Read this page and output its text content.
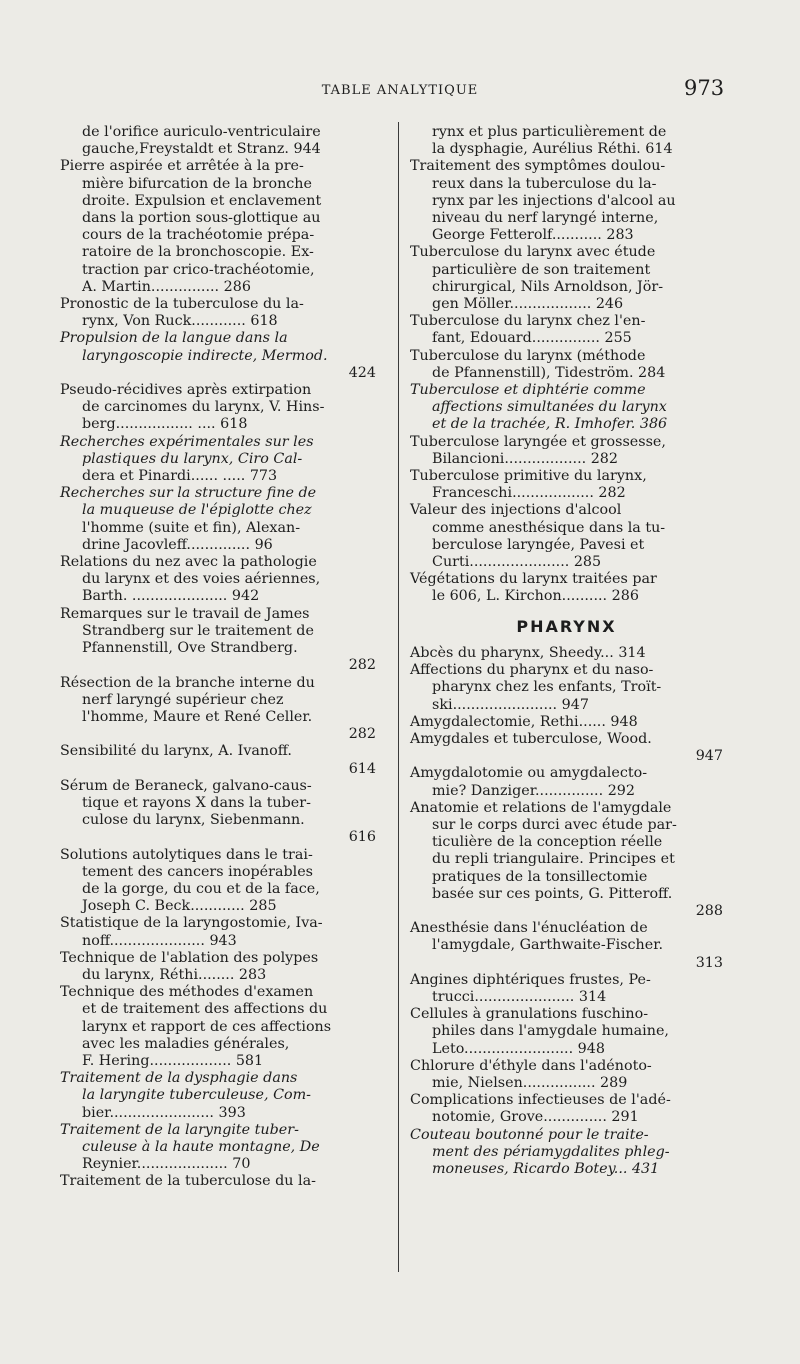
TABLE ANALYTIQUE	973
de l'orifice auriculo-ventriculaire
gauche,Freystaldt et Stranz. 944
Pierre aspirée et arrêtée à la pre-
mière bifurcation de la bronche
droite. Expulsion et enclavement
dans la portion sous-glottique au
cours de la trachéotomie prépa-
ratoire de la bronchoscopie. Ex-
traction par crico-trachéotomie,
A. Martin............... 286
Pronostic de la tuberculose du la-
rynx, Von Ruck............ 618
Propulsion de la langue dans la
laryngoscopie indirecte, Mermod.
424
Pseudo-récidives après extirpation
de carcinomes du larynx, V. Hins-
berg................. .... 618
Recherches expérimentales sur les
plastiques du larynx, Ciro Cal-
dera et Pinardi...... ..... 773
Recherches sur la structure fine de
la muqueuse de l'épiglotte chez
l'homme (suite et fin), Alexan-
drine Jacovleff.............. 96
Relations du nez avec la pathologie
du larynx et des voies aériennes,
Barth. ..................... 942
Remarques sur le travail de James
Strandberg sur le traitement de
Pfannenstill, Ove Strandberg.
282
Résection de la branche interne du
nerf laryngé supérieur chez
l'homme, Maure et René Celler.
282
Sensibilité du larynx, A. Ivanoff.
614
Sérum de Beraneck, galvano-caus-
tique et rayons X dans la tuber-
culose du larynx, Siebenmann.
616
Solutions autolytiques dans le trai-
tement des cancers inopérables
de la gorge, du cou et de la face,
Joseph C. Beck............ 285
Statistique de la laryngostomie, Iva-
noff..................... 943
Technique de l'ablation des polypes
du larynx, Réthi........ 283
Technique des méthodes d'examen
et de traitement des affections du
larynx et rapport de ces affections
avec les maladies générales,
F. Hering.................. 581
Traitement de la dysphagie dans
la laryngite tuberculeuse, Com-
bier....................... 393
Traitement de la laryngite tuber-
culeuse à la haute montagne, De
Reynier.................... 70
Traitement de la tuberculose du la-
rynx et plus particulièrement de
la dysphagie, Aurélius Réthi. 614
Traitement des symptômes doulou-
reux dans la tuberculose du la-
rynx par les injections d'alcool au
niveau du nerf laryngé interne,
George Fetterolf........... 283
Tuberculose du larynx avec étude
particulière de son traitement
chirurgical, Nils Arnoldson, Jör-
gen Möller.................. 246
Tuberculose du larynx chez l'en-
fant, Edouard............... 255
Tuberculose du larynx (méthode
de Pfannenstill), Tideström. 284
Tuberculose et diphtérie comme
affections simultanées du larynx
et de la trachée, R. Imhofer. 386
Tuberculose laryngée et grossesse,
Bilancioni.................. 282
Tuberculose primitive du larynx,
Franceschi.................. 282
Valeur des injections d'alcool
comme anesthésique dans la tu-
berculose laryngée, Pavesi et
Curti...................... 285
Végétations du larynx traitées par
le 606, L. Kirchon.......... 286
PHARYNX
Abcès du pharynx, Sheedy... 314
Affections du pharynx et du naso-
pharynx chez les enfants, Troït-
ski....................... 947
Amygdalectomie, Rethi...... 948
Amygdales et tuberculose, Wood.
947
Amygdalotomie ou amygdalecto-
mie? Danziger............... 292
Anatomie et relations de l'amygdale
sur le corps durci avec étude par-
ticulière de la conception réelle
du repli triangulaire. Principes et
pratiques de la tonsillectomie
basée sur ces points, G. Pitteroff.
288
Anesthésie dans l'énucléation de
l'amygdale, Garthwaite-Fischer.
313
Angines diphtériques frustes, Pe-
trucci...................... 314
Cellules à granulations fuschino-
philes dans l'amygdale humaine,
Leto........................ 948
Chlorure d'éthyle dans l'adénoto-
mie, Nielsen................ 289
Complications infectieuses de l'adé-
notomie, Grove.............. 291
Couteau boutonné pour le traite-
ment des périamygdalites phleg-
moneuses, Ricardo Botey... 431
